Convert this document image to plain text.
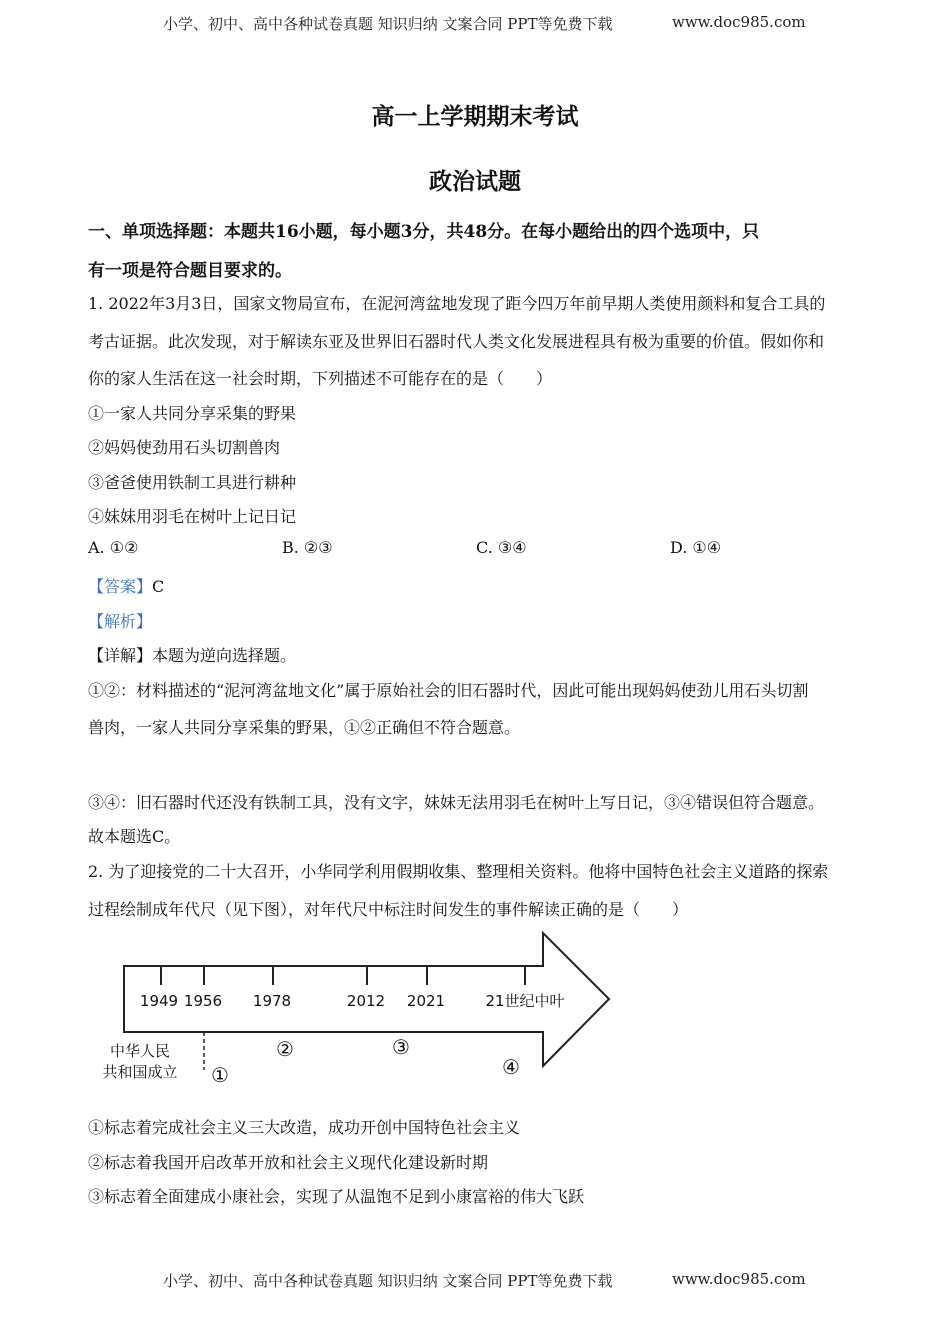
小学、初中、高中各种试卷真题 知识归纳 文案合同 PPT等免费下载	www.doc985.com
高一上学期期末考试
政治试题
一、单项选择题：本题共16小题，每小题3分，共48分。在每小题给出的四个选项中，只
有一项是符合题目要求的。
1. 2022年3月3日，国家文物局宣布，在泥河湾盆地发现了距今四万年前早期人类使用颜料和复合工具的
考古证据。此次发现，对于解读东亚及世界旧石器时代人类文化发展进程具有极为重要的价值。假如你和
你的家人生活在这一社会时期，下列描述不可能存在的是（　　）
①一家人共同分享采集的野果
②妈妈使劲用石头切割兽肉
③爸爸使用铁制工具进行耕种
④妹妹用羽毛在树叶上记日记
A. ①②	B. ②③	C. ③④	D. ①④
【答案】C
【解析】
【详解】本题为逆向选择题。
①②：材料描述的“泥河湾盆地文化”属于原始社会的旧石器时代，因此可能出现妈妈使劲儿用石头切割
兽肉，一家人共同分享采集的野果，①②正确但不符合题意。
③④：旧石器时代还没有铁制工具，没有文字，妹妹无法用羽毛在树叶上写日记，③④错误但符合题意。
故本题选C。
2. 为了迎接党的二十大召开，小华同学利用假期收集、整理相关资料。他将中国特色社会主义道路的探索
过程绘制成年代尺（见下图），对年代尺中标注时间发生的事件解读正确的是（　　）
1949 1956 1978	2012 2021	21世纪中叶
中华人民
共和国成立 ①
②	③
④
①标志着完成社会主义三大改造，成功开创中国特色社会主义
②标志着我国开启改革开放和社会主义现代化建设新时期
③标志着全面建成小康社会，实现了从温饱不足到小康富裕的伟大飞跃
小学、初中、高中各种试卷真题 知识归纳 文案合同 PPT等免费下载	www.doc985.com
